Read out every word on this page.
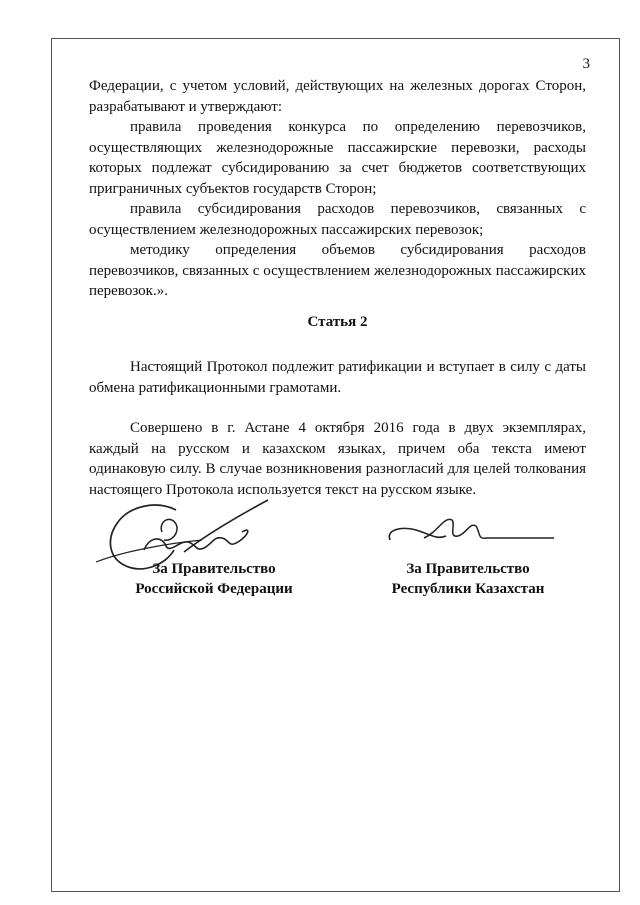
3

Федерации, с учетом условий, действующих на железных дорогах Сторон, разрабатывают и утверждают:

правила проведения конкурса по определению перевозчиков, осуществляющих железнодорожные пассажирские перевозки, расходы которых подлежат субсидированию за счет бюджетов соответствующих приграничных субъектов государств Сторон;

правила субсидирования расходов перевозчиков, связанных с осуществлением железнодорожных пассажирских перевозок;

методику определения объемов субсидирования расходов перевозчиков, связанных с осуществлением железнодорожных пассажирских перевозок.».

Статья 2

Настоящий Протокол подлежит ратификации и вступает в силу с даты обмена ратификационными грамотами.

Совершено в г. Астане 4 октября 2016 года в двух экземплярах, каждый на русском и казахском языках, причем оба текста имеют одинаковую силу. В случае возникновения разногласий для целей толкования настоящего Протокола используется текст на русском языке.

За Правительство
Российской Федерации
За Правительство
Республики Казахстан
